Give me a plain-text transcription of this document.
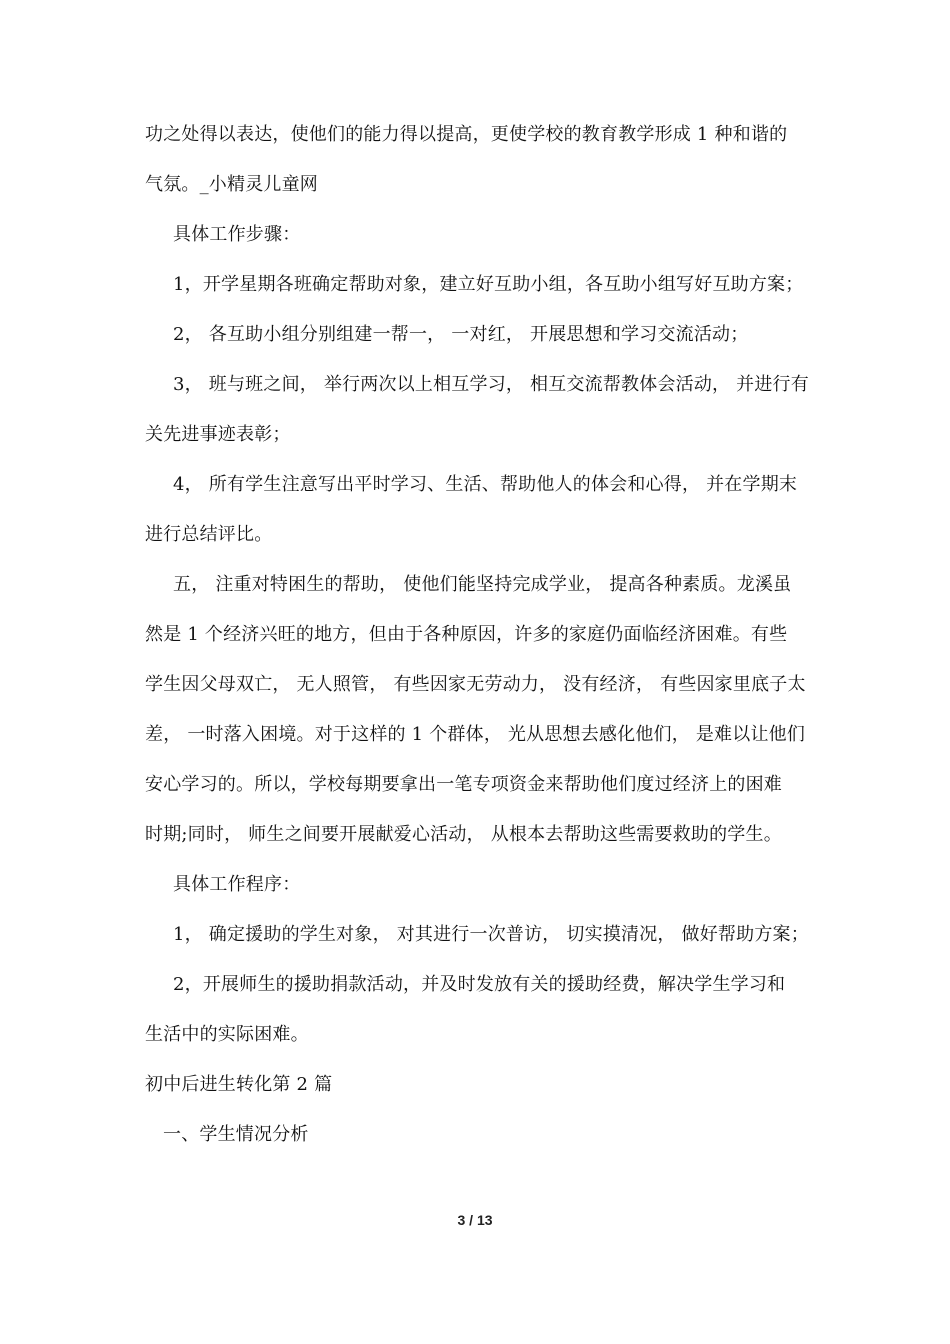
功之处得以表达，使他们的能力得以提高，更使学校的教育教学形成 1 种和谐的
气氛。_小精灵儿童网
具体工作步骤：
1，开学星期各班确定帮助对象，建立好互助小组，各互助小组写好互助方案；
2， 各互助小组分别组建一帮一， 一对红， 开展思想和学习交流活动；
3， 班与班之间， 举行两次以上相互学习， 相互交流帮教体会活动， 并进行有
关先进事迹表彰；
4， 所有学生注意写出平时学习、生活、帮助他人的体会和心得， 并在学期末
进行总结评比。
五， 注重对特困生的帮助， 使他们能坚持完成学业， 提高各种素质。龙溪虽
然是 1 个经济兴旺的地方，但由于各种原因，许多的家庭仍面临经济困难。有些
学生因父母双亡， 无人照管， 有些因家无劳动力， 没有经济， 有些因家里底子太
差， 一时落入困境。对于这样的 1 个群体， 光从思想去感化他们， 是难以让他们
安心学习的。所以，学校每期要拿出一笔专项资金来帮助他们度过经济上的困难
时期;同时， 师生之间要开展献爱心活动， 从根本去帮助这些需要救助的学生。
具体工作程序：
1， 确定援助的学生对象， 对其进行一次普访， 切实摸清况， 做好帮助方案；
2，开展师生的援助捐款活动，并及时发放有关的援助经费，解决学生学习和
生活中的实际困难。
初中后进生转化第 2 篇
一、学生情况分析
3 / 13
